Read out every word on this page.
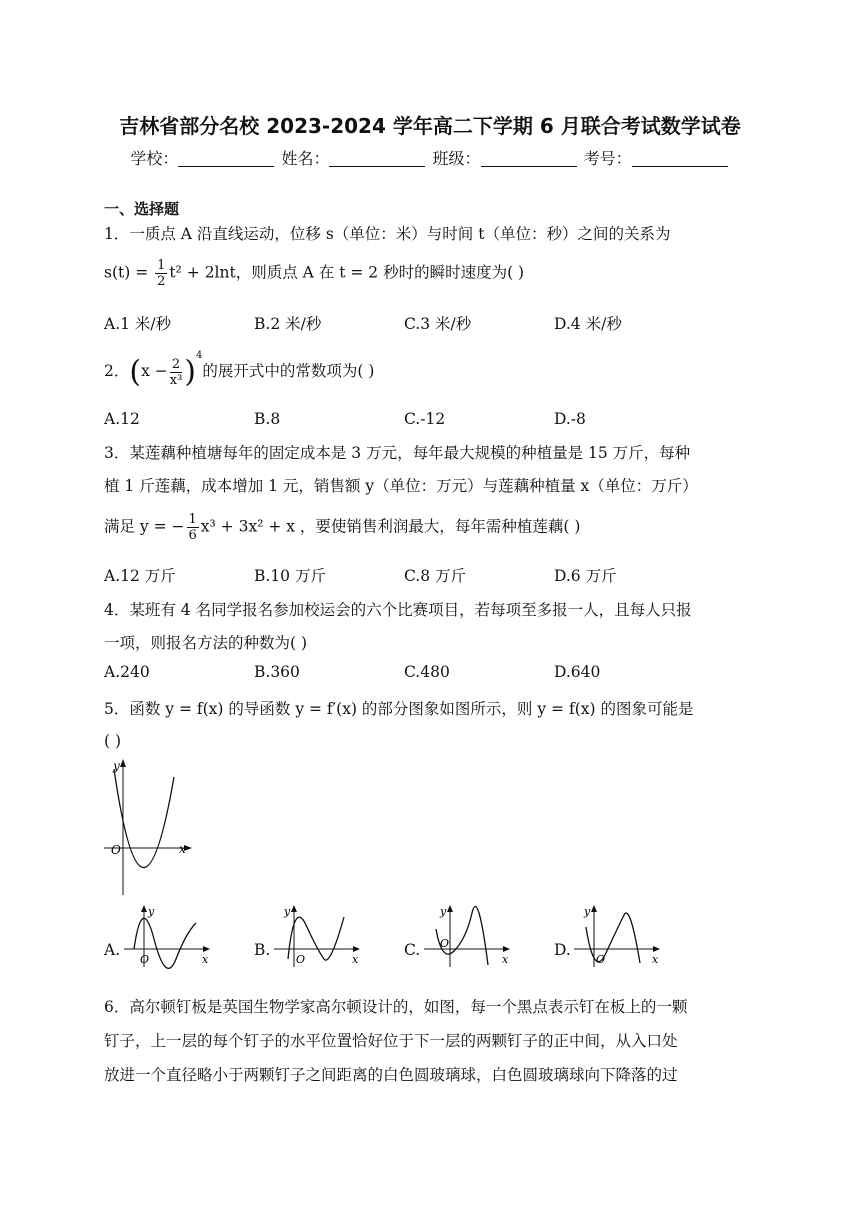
吉林省部分名校 2023-2024 学年高二下学期 6 月联合考试数学试卷
学校：	姓名：	班级：	考号：
一、选择题
1．一质点 A 沿直线运动，位移 s（单位：米）与时间 t（单位：秒）之间的关系为
$s(t) = \frac{1}{2} t^2 + 2\ln t$，则质点 A 在 t = 2 秒时的瞬时速度为( )
A.1 米/秒	B.2 米/秒	C.3 米/秒	D.4 米/秒
2．$(x - \frac{2}{\text{x³}} )^4$的展开式中的常数项为( )
A.12	B.8	C.-12	D.-8
3．某莲藕种植塘每年的固定成本是 3 万元，每年最大规模的种植量是 15 万斤，每种
植 1 斤莲藕，成本增加 1 元，销售额 y（单位：万元）与莲藕种植量 x（单位：万斤）
满足 y = − $\frac{1}{6} x^3 + 3x^2 + x$ ，要使销售利润最大，每年需种植莲藕( )
A.12 万斤	B.10 万斤	C.8 万斤	D.6 万斤
4．某班有 4 名同学报名参加校运会的六个比赛项目，若每项至多报一人，且每人只报
一项，则报名方法的种数为( )
A.240	B.360	C.480	D.640
5．函数 y = f(x) 的导函数 y = f′(x) 的部分图象如图所示，则 y = f(x) 的图象可能是
( )
y
x
O
A.
y
x
O
B.
y
x
O
C.
y
x
O	D.
y
x
O
6．高尔顿钉板是英国生物学家高尔顿设计的，如图，每一个黑点表示钉在板上的一颗
钉子，上一层的每个钉子的水平位置恰好位于下一层的两颗钉子的正中间，从入口处
放进一个直径略小于两颗钉子之间距离的白色圆玻璃球，白色圆玻璃球向下降落的过
